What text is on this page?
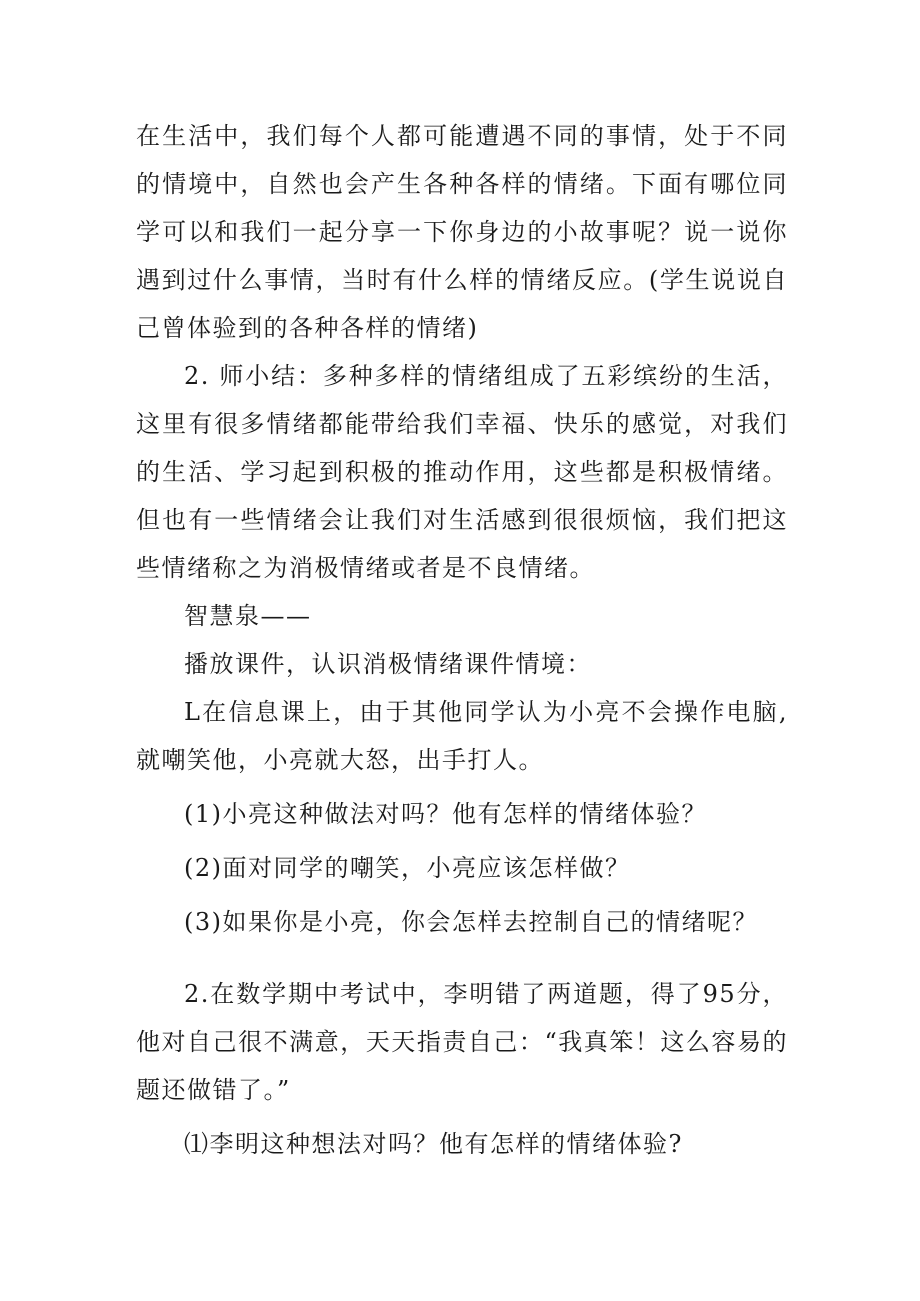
在生活中，我们每个人都可能遭遇不同的事情，处于不同的情境中，自然也会产生各种各样的情绪。下面有哪位同学可以和我们一起分享一下你身边的小故事呢？说一说你遇到过什么事情，当时有什么样的情绪反应。(学生说说自己曾体验到的各种各样的情绪)

2. 师小结：多种多样的情绪组成了五彩缤纷的生活，这里有很多情绪都能带给我们幸福、快乐的感觉，对我们的生活、学习起到积极的推动作用，这些都是积极情绪。但也有一些情绪会让我们对生活感到很很烦恼，我们把这些情绪称之为消极情绪或者是不良情绪。

智慧泉——

播放课件，认识消极情绪课件情境：

L在信息课上，由于其他同学认为小亮不会操作电脑,就嘲笑他，小亮就大怒，出手打人。

(1)小亮这种做法对吗？他有怎样的情绪体验？

(2)面对同学的嘲笑，小亮应该怎样做？

(3)如果你是小亮，你会怎样去控制自己的情绪呢？

2.在数学期中考试中，李明错了两道题，得了95分，他对自己很不满意，天天指责自己：“我真笨！这么容易的题还做错了。”

⑴李明这种想法对吗？他有怎样的情绪体验?
